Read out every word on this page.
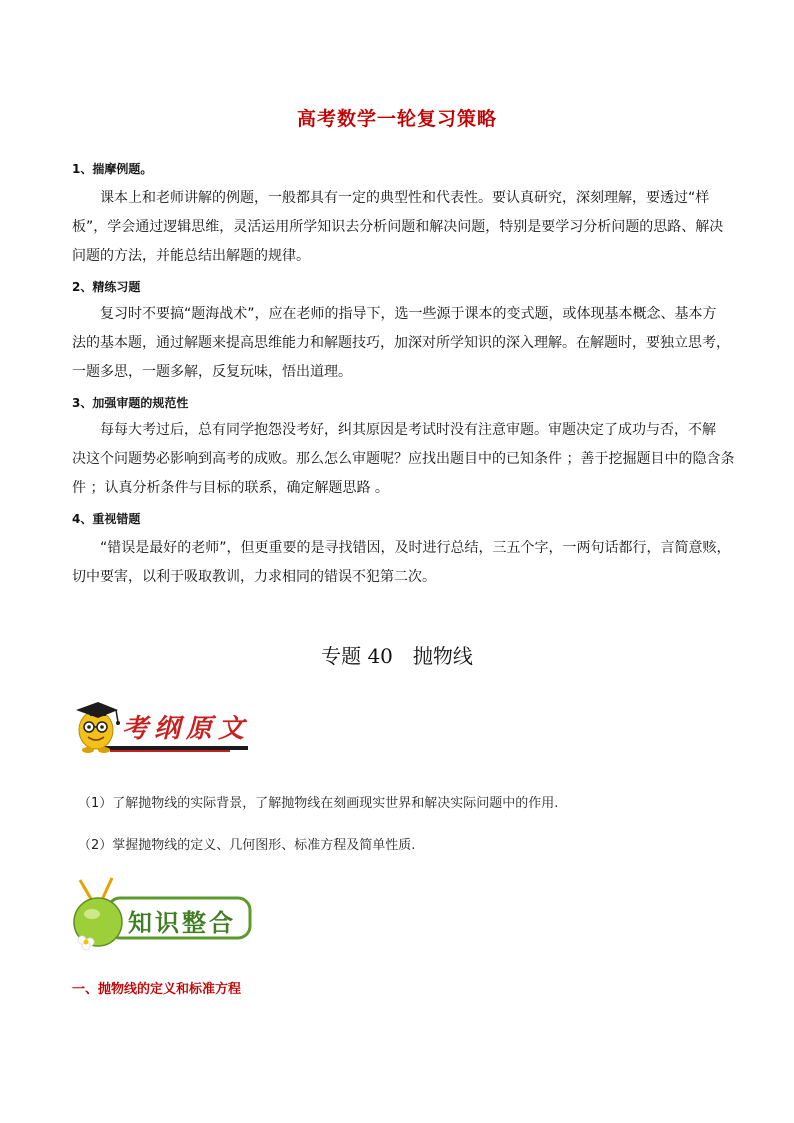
高考数学一轮复习策略
1、揣摩例题。
课本上和老师讲解的例题，一般都具有一定的典型性和代表性。要认真研究，深刻理解，要透过“样
板”，学会通过逻辑思维，灵活运用所学知识去分析问题和解决问题，特别是要学习分析问题的思路、解决
问题的方法，并能总结出解题的规律。
2、精练习题
复习时不要搞“题海战术”，应在老师的指导下，选一些源于课本的变式题，或体现基本概念、基本方
法的基本题，通过解题来提高思维能力和解题技巧，加深对所学知识的深入理解。在解题时，要独立思考，
一题多思，一题多解，反复玩味，悟出道理。
3、加强审题的规范性
每每大考过后，总有同学抱怨没考好，纠其原因是考试时没有注意审题。审题决定了成功与否，不解
决这个问题势必影响到高考的成败。那么怎么审题呢？应找出题目中的已知条件 ；善于挖掘题目中的隐含条
件 ；认真分析条件与目标的联系，确定解题思路 。
4、重视错题
“错误是最好的老师”，但更重要的是寻找错因，及时进行总结，三五个字，一两句话都行，言简意赅，
切中要害，以利于吸取教训，力求相同的错误不犯第二次。
专题 40　抛物线
考纲原文
（1）了解抛物线的实际背景，了解抛物线在刻画现实世界和解决实际问题中的作用.
（2）掌握抛物线的定义、几何图形、标准方程及简单性质.
知识整合
一、抛物线的定义和标准方程
